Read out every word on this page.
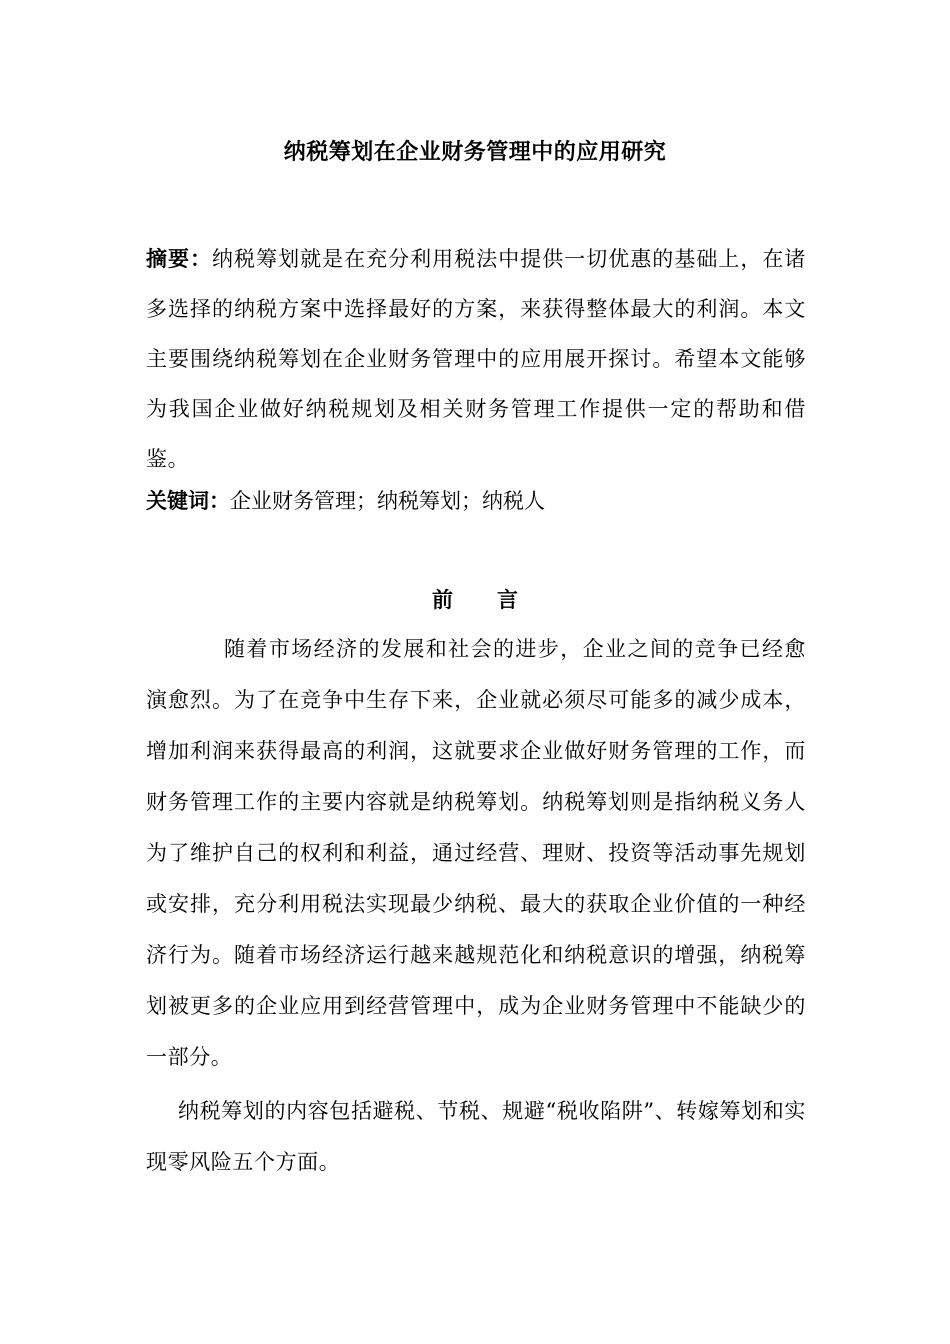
纳税筹划在企业财务管理中的应用研究
摘要：纳税筹划就是在充分利用税法中提供一切优惠的基础上，在诸多选择的纳税方案中选择最好的方案，来获得整体最大的利润。本文主要围绕纳税筹划在企业财务管理中的应用展开探讨。希望本文能够为我国企业做好纳税规划及相关财务管理工作提供一定的帮助和借鉴。
关键词：企业财务管理；纳税筹划；纳税人
前 言
随着市场经济的发展和社会的进步，企业之间的竞争已经愈演愈烈。为了在竞争中生存下来，企业就必须尽可能多的减少成本，增加利润来获得最高的利润，这就要求企业做好财务管理的工作，而财务管理工作的主要内容就是纳税筹划。纳税筹划则是指纳税义务人为了维护自己的权利和利益，通过经营、理财、投资等活动事先规划或安排，充分利用税法实现最少纳税、最大的获取企业价值的一种经济行为。随着市场经济运行越来越规范化和纳税意识的增强，纳税筹划被更多的企业应用到经营管理中，成为企业财务管理中不能缺少的一部分。
纳税筹划的内容包括避税、节税、规避“税收陷阱”、转嫁筹划和实现零风险五个方面。
